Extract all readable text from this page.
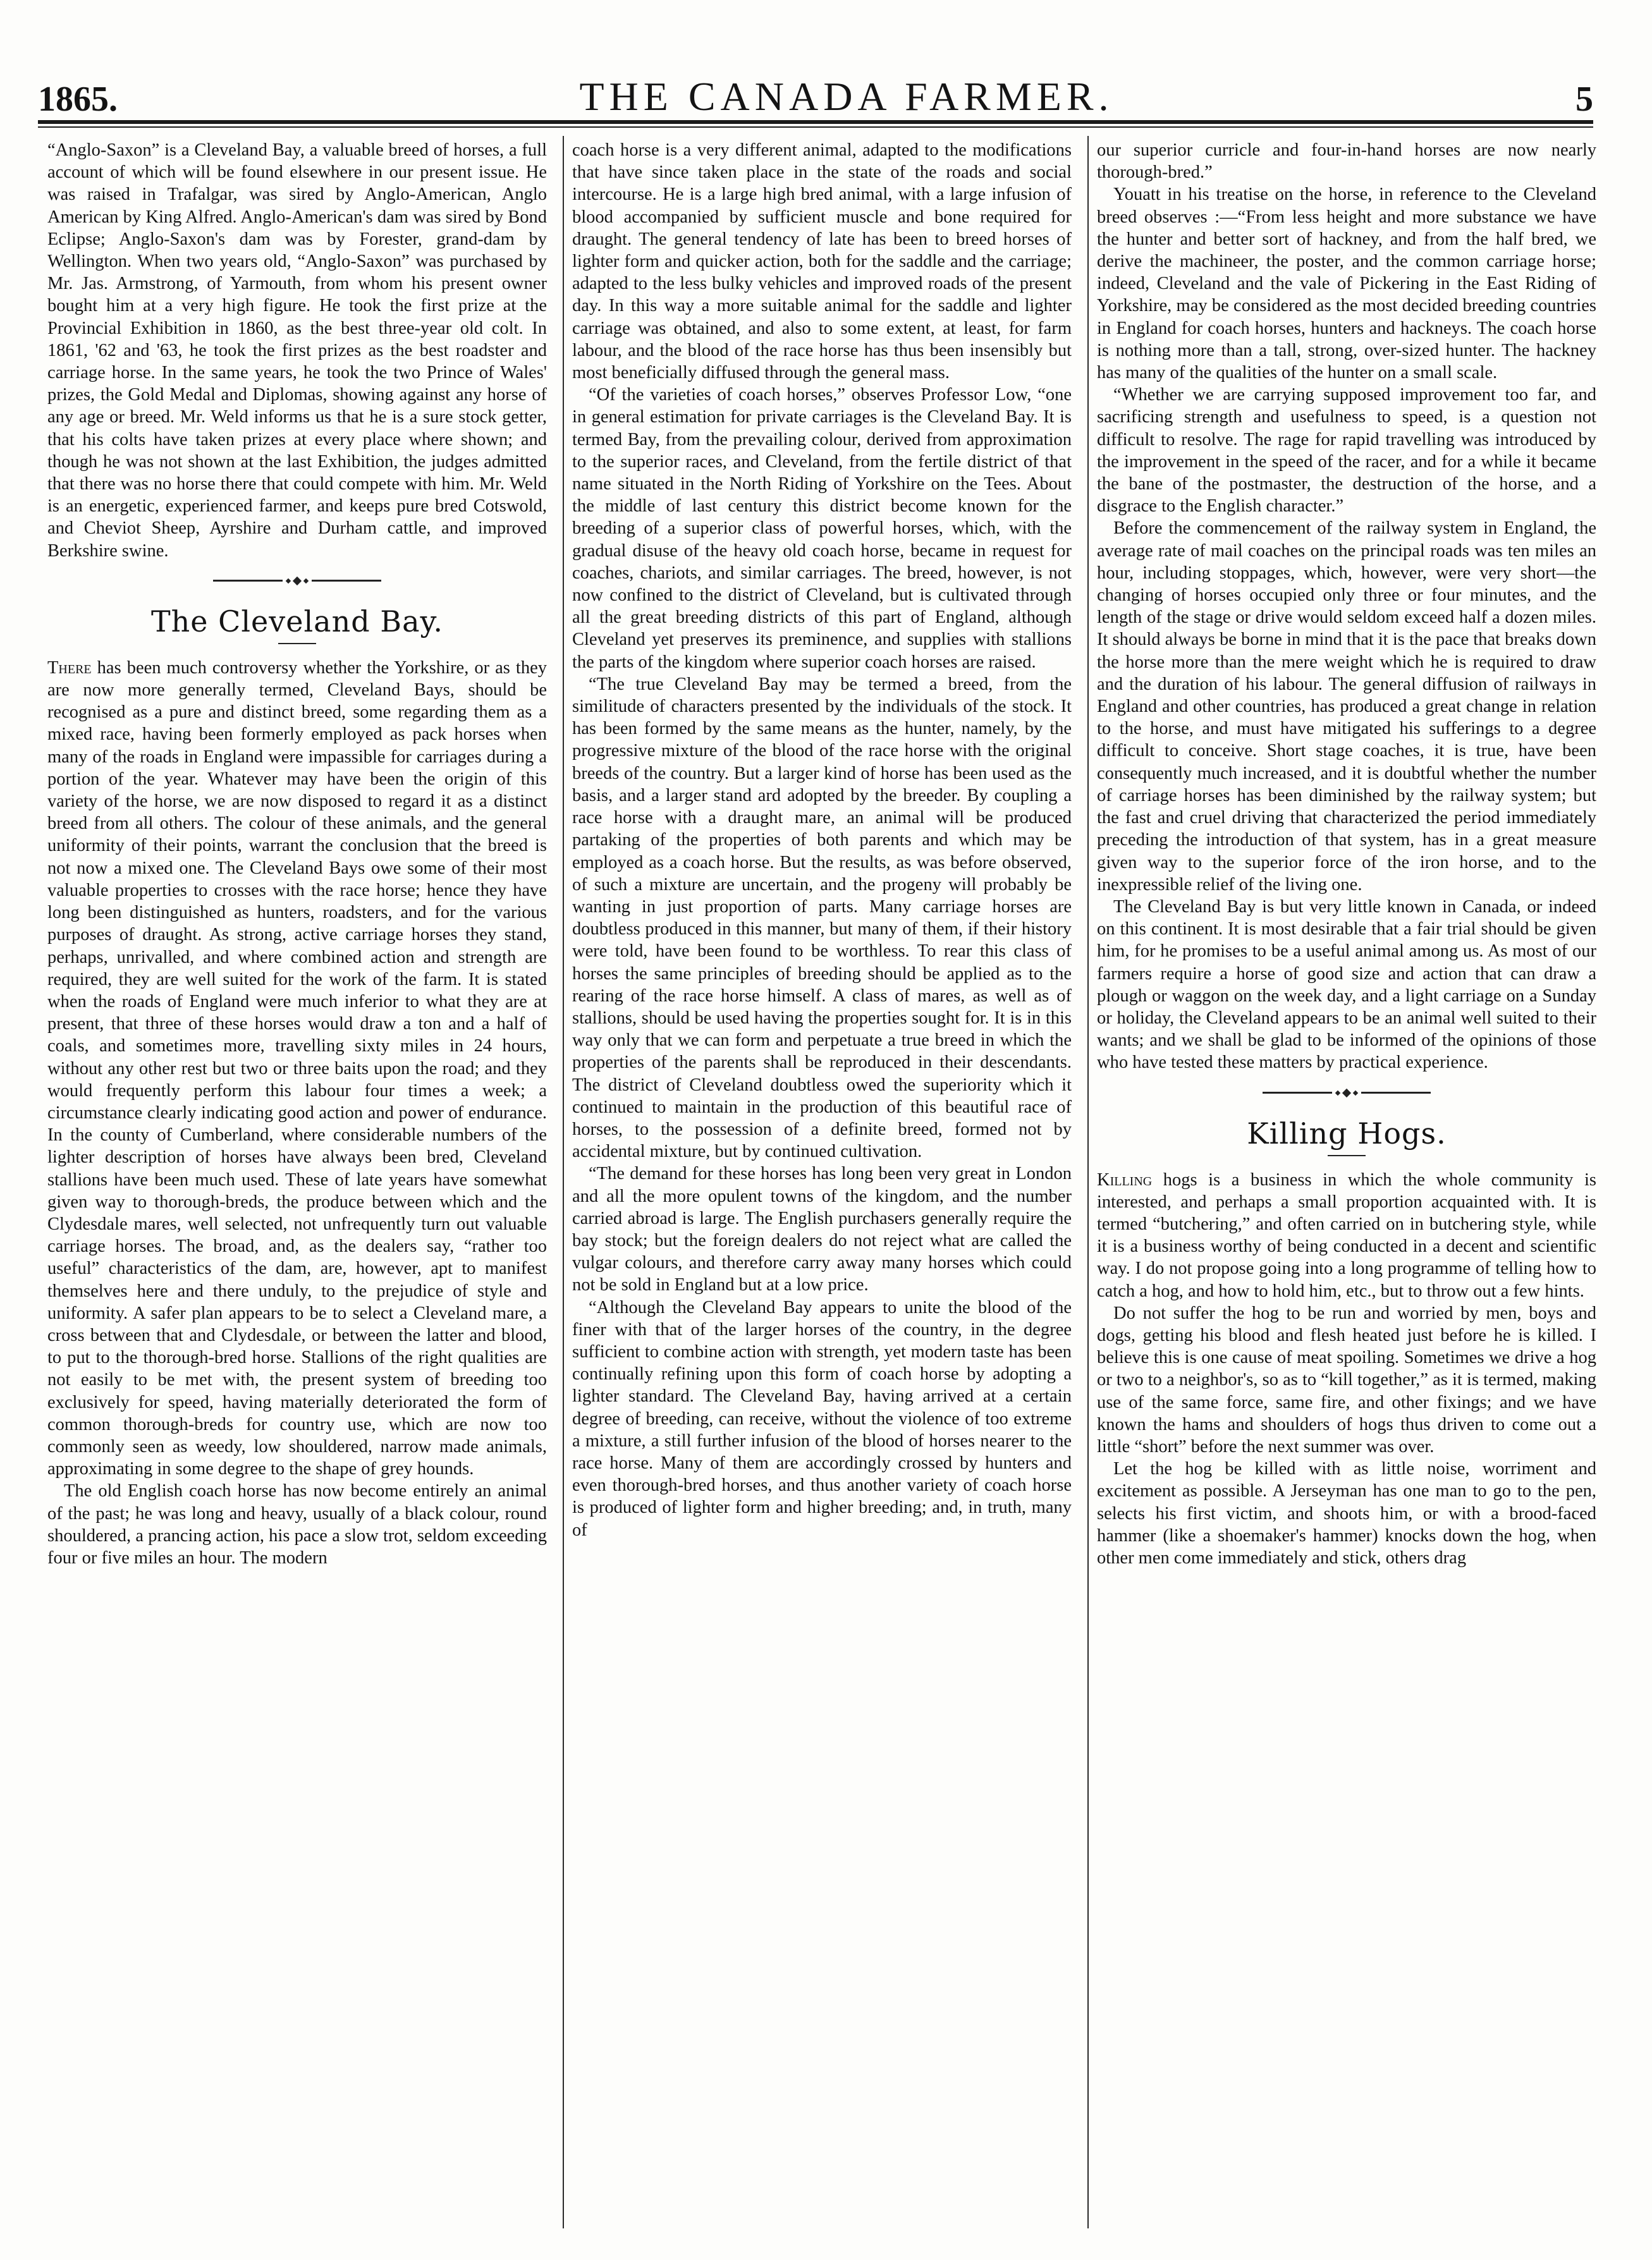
1865.	THE CANADA FARMER.	5

“Anglo-Saxon” is a Cleveland Bay, a valuable breed of horses, a full account of which will be found elsewhere in our present issue. He was raised in Trafalgar, was sired by Anglo-American, Anglo American by King Alfred. Anglo-American's dam was sired by Bond Eclipse; Anglo-Saxon's dam was by Forester, grand-dam by Wellington. When two years old, “Anglo-Saxon” was purchased by Mr. Jas. Armstrong, of Yarmouth, from whom his present owner bought him at a very high figure. He took the first prize at the Provincial Exhibition in 1860, as the best three-year old colt. In 1861, '62 and '63, he took the first prizes as the best roadster and carriage horse. In the same years, he took the two Prince of Wales' prizes, the Gold Medal and Diplomas, showing against any horse of any age or breed. Mr. Weld informs us that he is a sure stock getter, that his colts have taken prizes at every place where shown; and though he was not shown at the last Exhibition, the judges admitted that there was no horse there that could compete with him. Mr. Weld is an energetic, experienced farmer, and keeps pure bred Cotswold, and Cheviot Sheep, Ayrshire and Durham cattle, and improved Berkshire swine.

The Cleveland Bay.

There has been much controversy whether the Yorkshire, or as they are now more generally termed, Cleveland Bays, should be recognised as a pure and distinct breed, some regarding them as a mixed race, having been formerly employed as pack horses when many of the roads in England were impassible for carriages during a portion of the year. Whatever may have been the origin of this variety of the horse, we are now disposed to regard it as a distinct breed from all others. The colour of these animals, and the general uniformity of their points, warrant the conclusion that the breed is not now a mixed one. The Cleveland Bays owe some of their most valuable properties to crosses with the race horse; hence they have long been distinguished as hunters, roadsters, and for the various purposes of draught. As strong, active carriage horses they stand, perhaps, unrivalled, and where combined action and strength are required, they are well suited for the work of the farm. It is stated when the roads of England were much inferior to what they are at present, that three of these horses would draw a ton and a half of coals, and sometimes more, travelling sixty miles in 24 hours, without any other rest but two or three baits upon the road; and they would frequently perform this labour four times a week; a circumstance clearly indicating good action and power of endurance. In the county of Cumberland, where considerable numbers of the lighter description of horses have always been bred, Cleveland stallions have been much used. These of late years have somewhat given way to thorough-breds, the produce between which and the Clydesdale mares, well selected, not unfrequently turn out valuable carriage horses. The broad, and, as the dealers say, “rather too useful” characteristics of the dam, are, however, apt to manifest themselves here and there unduly, to the prejudice of style and uniformity. A safer plan appears to be to select a Cleveland mare, a cross between that and Clydesdale, or between the latter and blood, to put to the thorough-bred horse. Stallions of the right qualities are not easily to be met with, the present system of breeding too exclusively for speed, having materially deteriorated the form of common thorough-breds for country use, which are now too commonly seen as weedy, low shouldered, narrow made animals, approximating in some degree to the shape of grey hounds.

The old English coach horse has now become entirely an animal of the past; he was long and heavy, usually of a black colour, round shouldered, a prancing action, his pace a slow trot, seldom exceeding four or five miles an hour. The modern

coach horse is a very different animal, adapted to the modifications that have since taken place in the state of the roads and social intercourse. He is a large high bred animal, with a large infusion of blood accompanied by sufficient muscle and bone required for draught. The general tendency of late has been to breed horses of lighter form and quicker action, both for the saddle and the carriage; adapted to the less bulky vehicles and improved roads of the present day. In this way a more suitable animal for the saddle and lighter carriage was obtained, and also to some extent, at least, for farm labour, and the blood of the race horse has thus been insensibly but most beneficially diffused through the general mass.

“Of the varieties of coach horses,” observes Professor Low, “one in general estimation for private carriages is the Cleveland Bay. It is termed Bay, from the prevailing colour, derived from approximation to the superior races, and Cleveland, from the fertile district of that name situated in the North Riding of Yorkshire on the Tees. About the middle of last century this district become known for the breeding of a superior class of powerful horses, which, with the gradual disuse of the heavy old coach horse, became in request for coaches, chariots, and similar carriages. The breed, however, is not now confined to the district of Cleveland, but is cultivated through all the great breeding districts of this part of England, although Cleveland yet preserves its preminence, and supplies with stallions the parts of the kingdom where superior coach horses are raised.

“The true Cleveland Bay may be termed a breed, from the similitude of characters presented by the individuals of the stock. It has been formed by the same means as the hunter, namely, by the progressive mixture of the blood of the race horse with the original breeds of the country. But a larger kind of horse has been used as the basis, and a larger stand ard adopted by the breeder. By coupling a race horse with a draught mare, an animal will be produced partaking of the properties of both parents and which may be employed as a coach horse. But the results, as was before observed, of such a mixture are uncertain, and the progeny will probably be wanting in just proportion of parts. Many carriage horses are doubtless produced in this manner, but many of them, if their history were told, have been found to be worthless. To rear this class of horses the same principles of breeding should be applied as to the rearing of the race horse himself. A class of mares, as well as of stallions, should be used having the properties sought for. It is in this way only that we can form and perpetuate a true breed in which the properties of the parents shall be reproduced in their descendants. The district of Cleveland doubtless owed the superiority which it continued to maintain in the production of this beautiful race of horses, to the possession of a definite breed, formed not by accidental mixture, but by continued cultivation.

“The demand for these horses has long been very great in London and all the more opulent towns of the kingdom, and the number carried abroad is large. The English purchasers generally require the bay stock; but the foreign dealers do not reject what are called the vulgar colours, and therefore carry away many horses which could not be sold in England but at a low price.

“Although the Cleveland Bay appears to unite the blood of the finer with that of the larger horses of the country, in the degree sufficient to combine action with strength, yet modern taste has been continually refining upon this form of coach horse by adopting a lighter standard. The Cleveland Bay, having arrived at a certain degree of breeding, can receive, without the violence of too extreme a mixture, a still further infusion of the blood of horses nearer to the race horse. Many of them are accordingly crossed by hunters and even thorough-bred horses, and thus another variety of coach horse is produced of lighter form and higher breeding; and, in truth, many of

our superior curricle and four-in-hand horses are now nearly thorough-bred.”

Youatt in his treatise on the horse, in reference to the Cleveland breed observes :—“From less height and more substance we have the hunter and better sort of hackney, and from the half bred, we derive the machineer, the poster, and the common carriage horse; indeed, Cleveland and the vale of Pickering in the East Riding of Yorkshire, may be considered as the most decided breeding countries in England for coach horses, hunters and hackneys. The coach horse is nothing more than a tall, strong, over-sized hunter. The hackney has many of the qualities of the hunter on a small scale.

“Whether we are carrying supposed improvement too far, and sacrificing strength and usefulness to speed, is a question not difficult to resolve. The rage for rapid travelling was introduced by the improvement in the speed of the racer, and for a while it became the bane of the postmaster, the destruction of the horse, and a disgrace to the English character.”

Before the commencement of the railway system in England, the average rate of mail coaches on the principal roads was ten miles an hour, including stoppages, which, however, were very short—the changing of horses occupied only three or four minutes, and the length of the stage or drive would seldom exceed half a dozen miles. It should always be borne in mind that it is the pace that breaks down the horse more than the mere weight which he is required to draw and the duration of his labour. The general diffusion of railways in England and other countries, has produced a great change in relation to the horse, and must have mitigated his sufferings to a degree difficult to conceive. Short stage coaches, it is true, have been consequently much increased, and it is doubtful whether the number of carriage horses has been diminished by the railway system; but the fast and cruel driving that characterized the period immediately preceding the introduction of that system, has in a great measure given way to the superior force of the iron horse, and to the inexpressible relief of the living one.

The Cleveland Bay is but very little known in Canada, or indeed on this continent. It is most desirable that a fair trial should be given him, for he promises to be a useful animal among us. As most of our farmers require a horse of good size and action that can draw a plough or waggon on the week day, and a light carriage on a Sunday or holiday, the Cleveland appears to be an animal well suited to their wants; and we shall be glad to be informed of the opinions of those who have tested these matters by practical experience.

Killing Hogs.

Killing hogs is a business in which the whole community is interested, and perhaps a small proportion acquainted with. It is termed “butchering,” and often carried on in butchering style, while it is a business worthy of being conducted in a decent and scientific way. I do not propose going into a long programme of telling how to catch a hog, and how to hold him, etc., but to throw out a few hints.

Do not suffer the hog to be run and worried by men, boys and dogs, getting his blood and flesh heated just before he is killed. I believe this is one cause of meat spoiling. Sometimes we drive a hog or two to a neighbor's, so as to “kill together,” as it is termed, making use of the same force, same fire, and other fixings; and we have known the hams and shoulders of hogs thus driven to come out a little “short” before the next summer was over.

Let the hog be killed with as little noise, worriment and excitement as possible. A Jerseyman has one man to go to the pen, selects his first victim, and shoots him, or with a brood-faced hammer (like a shoemaker's hammer) knocks down the hog, when other men come immediately and stick, others drag
